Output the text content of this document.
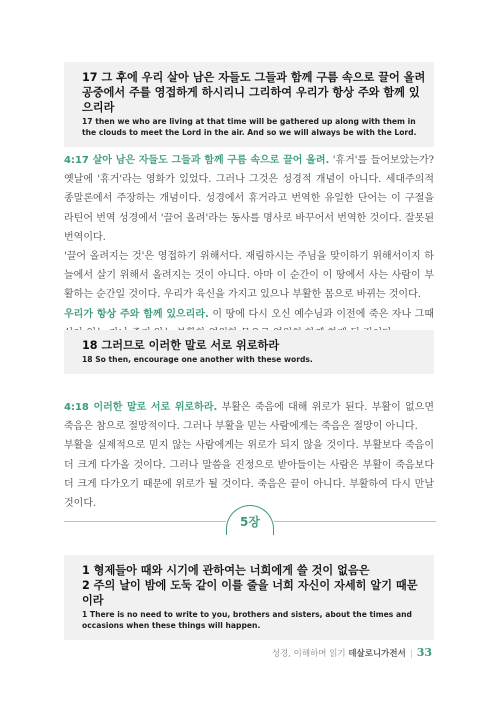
17 그 후에 우리 살아 남은 자들도 그들과 함께 구름 속으로 끌어 올려 공중에서 주를 영접하게 하시리니 그리하여 우리가 항상 주와 함께 있으리라
17 then we who are living at that time will be gathered up along with them in the clouds to meet the Lord in the air. And so we will always be with the Lord.

4:17 살아 남은 자들도 그들과 함께 구름 속으로 끌어 올려. '휴거'를 들어보았는가? 옛날에 '휴거'라는 영화가 있었다. 그러나 그것은 성경적 개념이 아니다. 세대주의적 종말론에서 주장하는 개념이다. 성경에서 휴거라고 번역한 유일한 단어는 이 구절을 라틴어 번역 성경에서 '끌어 올려'라는 동사를 명사로 바꾸어서 번역한 것이다. 잘못된 번역이다.

'끌어 올려지는 것'은 영접하기 위해서다. 재림하시는 주님을 맞이하기 위해서이지 하늘에서 살기 위해서 올려지는 것이 아니다. 아마 이 순간이 이 땅에서 사는 사람이 부활하는 순간일 것이다. 우리가 육신을 가지고 있으나 부활한 몸으로 바뀌는 것이다.

우리가 항상 주와 함께 있으리라. 이 땅에 다시 오신 예수님과 이전에 죽은 자나 그때

18 그러므로 이러한 말로 서로 위로하라
18 So then, encourage one another with these words.

4:18 이러한 말로 서로 위로하라. 부활은 죽음에 대해 위로가 된다. 부활이 없으면 죽음은 참으로 절망적이다. 그러나 부활을 믿는 사람에게는 죽음은 절망이 아니다.

부활을 실제적으로 믿지 않는 사람에게는 위로가 되지 않을 것이다. 부활보다 죽음이 더 크게 다가올 것이다. 그러나 말씀을 진정으로 받아들이는 사람은 부활이 죽음보다 더 크게 다가오기 때문에 위로가 될 것이다. 죽음은 끝이 아니다. 부활하여 다시 만날 것이다.

5장
1 형제들아 때와 시기에 관하여는 너희에게 쓸 것이 없음은
2 주의 날이 밤에 도둑 같이 이를 줄을 너희 자신이 자세히 알기 때문이라
1 There is no need to write to you, brothers and sisters, about the times and occasions when these things will happen.
성경, 이해하며 읽기 데살로니가전서 | 33
